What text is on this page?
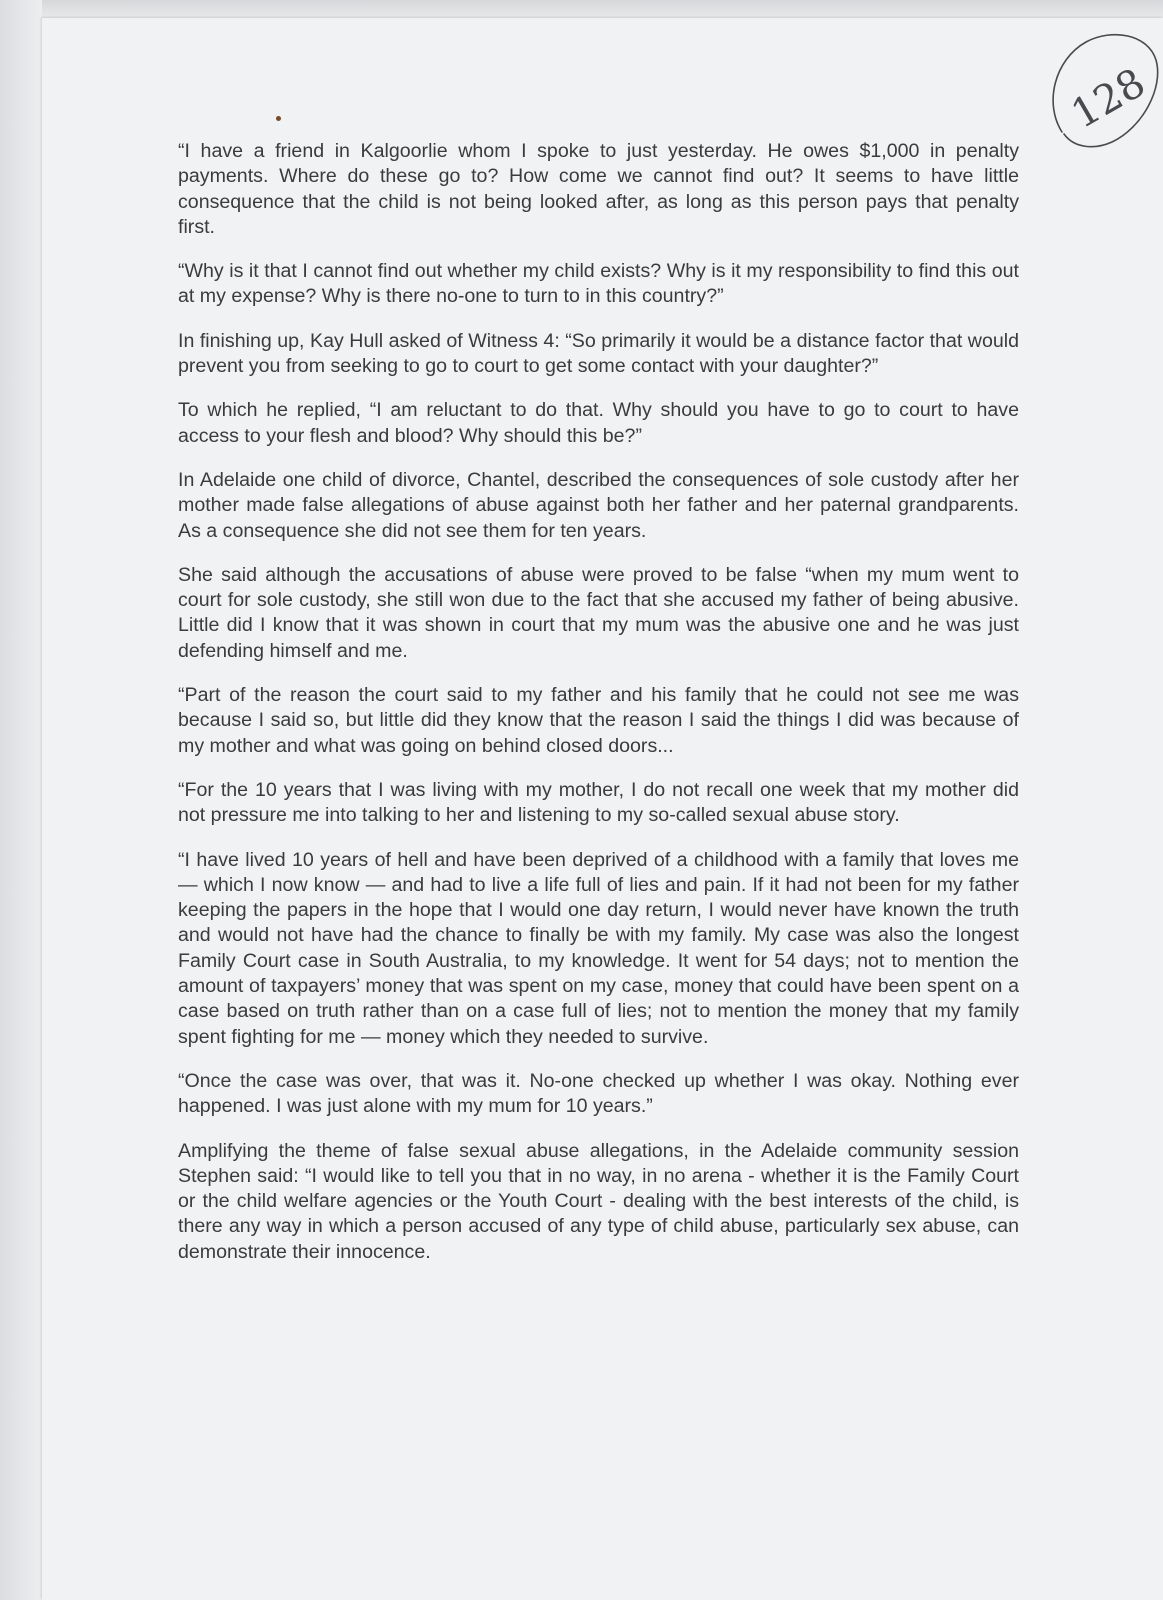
128

“I have a friend in Kalgoorlie whom I spoke to just yesterday. He owes $1,000 in penalty payments. Where do these go to? How come we cannot find out? It seems to have little consequence that the child is not being looked after, as long as this person pays that penalty first.

“Why is it that I cannot find out whether my child exists? Why is it my responsibility to find this out at my expense? Why is there no-one to turn to in this country?”

In finishing up, Kay Hull asked of Witness 4: “So primarily it would be a distance factor that would prevent you from seeking to go to court to get some contact with your daughter?”

To which he replied, “I am reluctant to do that. Why should you have to go to court to have access to your flesh and blood? Why should this be?”

In Adelaide one child of divorce, Chantel, described the consequences of sole custody after her mother made false allegations of abuse against both her father and her paternal grandparents. As a consequence she did not see them for ten years.

She said although the accusations of abuse were proved to be false “when my mum went to court for sole custody, she still won due to the fact that she accused my father of being abusive. Little did I know that it was shown in court that my mum was the abusive one and he was just defending himself and me.

“Part of the reason the court said to my father and his family that he could not see me was because I said so, but little did they know that the reason I said the things I did was because of my mother and what was going on behind closed doors...

“For the 10 years that I was living with my mother, I do not recall one week that my mother did not pressure me into talking to her and listening to my so-called sexual abuse story.

“I have lived 10 years of hell and have been deprived of a childhood with a family that loves me — which I now know — and had to live a life full of lies and pain. If it had not been for my father keeping the papers in the hope that I would one day return, I would never have known the truth and would not have had the chance to finally be with my family. My case was also the longest Family Court case in South Australia, to my knowledge. It went for 54 days; not to mention the amount of taxpayers’ money that was spent on my case, money that could have been spent on a case based on truth rather than on a case full of lies; not to mention the money that my family spent fighting for me — money which they needed to survive.

“Once the case was over, that was it. No-one checked up whether I was okay. Nothing ever happened. I was just alone with my mum for 10 years.”

Amplifying the theme of false sexual abuse allegations, in the Adelaide community session Stephen said: “I would like to tell you that in no way, in no arena - whether it is the Family Court or the child welfare agencies or the Youth Court - dealing with the best interests of the child, is there any way in which a person accused of any type of child abuse, particularly sex abuse, can demonstrate their innocence.
